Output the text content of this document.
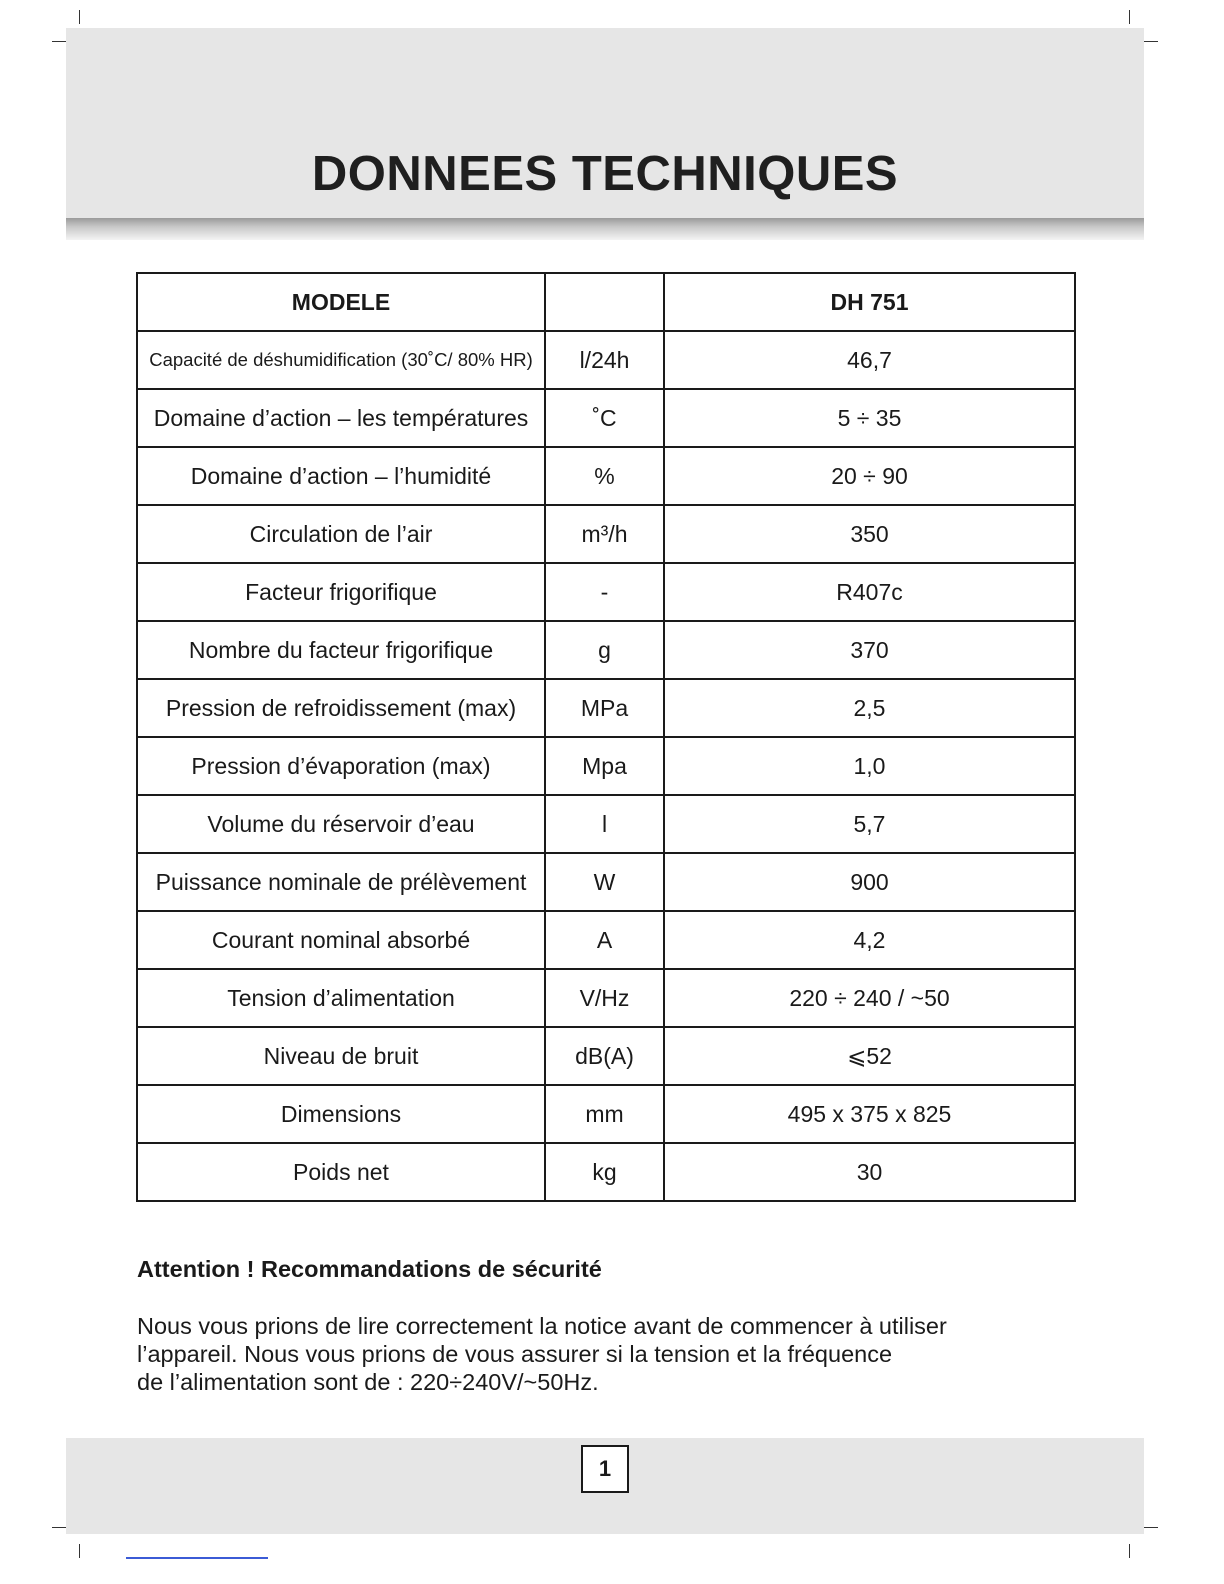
DONNEES TECHNIQUES
MODELE		DH 751
Capacité de déshumidification (30˚C/ 80% HR)	l/24h	46,7
Domaine d’action – les températures	˚C	5 ÷ 35
Domaine d’action – l’humidité	%	20 ÷ 90
Circulation de l’air	m³/h	350
Facteur frigorifique	-	R407c
Nombre du facteur frigorifique	g	370
Pression de refroidissement (max)	MPa	2,5
Pression d’évaporation (max)	Mpa	1,0
Volume du réservoir d’eau	l	5,7
Puissance nominale de prélèvement	W	900
Courant nominal absorbé	A	4,2
Tension d’alimentation	V/Hz	220 ÷ 240 / ~50
Niveau de bruit	dB(A)	⩽52
Dimensions	mm	495 x 375 x 825
Poids net	kg	30
Attention ! Recommandations de sécurité
Nous vous prions de lire correctement la notice avant de commencer à utiliser
l’appareil. Nous vous prions de vous assurer si la tension et la fréquence
de l’alimentation sont de : 220÷240V/~50Hz.
1
